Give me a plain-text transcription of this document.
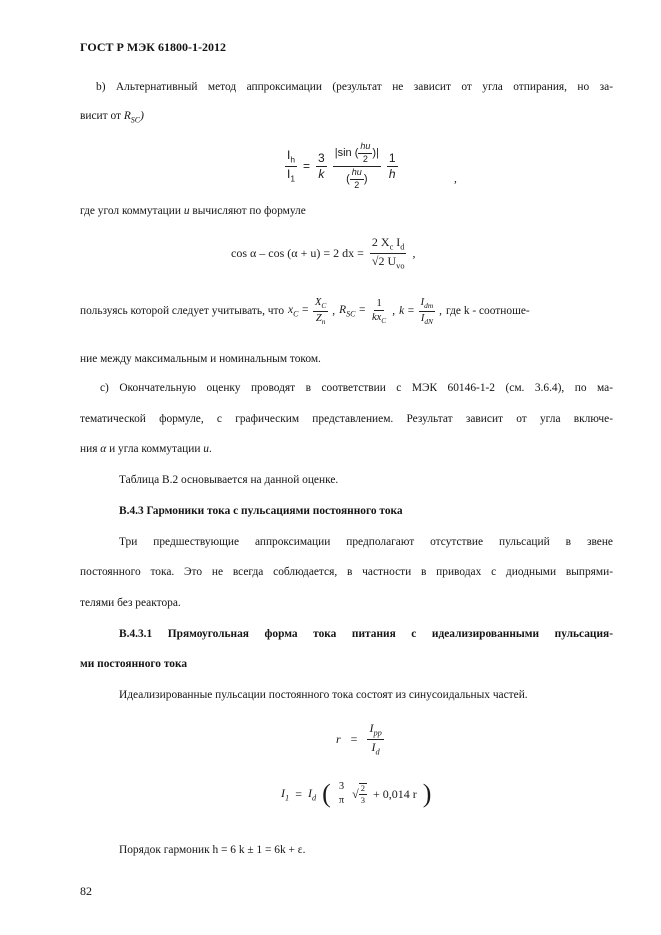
ГОСТ Р МЭК 61800-1-2012
b) Альтернативный метод аппроксимации (результат не зависит от угла отпирания, но за-
висит от $R_{SC}$)
$\frac{I_h}{I_1} = \frac{3}{k} \frac{|\sin ( \frac{hu}{2} )|}{( \frac{hu}{2} )} \frac{1}{h}$	,
где угол коммутации u вычисляют по формуле
cos α – cos (α + u) = 2 dx = $\frac{2 X_c I_d}{√2 U_{vo}}$ ,
пользуясь которой следует учитывать, что $x_C = \frac{X_C}{Z_n}$ , $R_{SC} = \frac{1}{kx_C}$ , $k = \frac{I_{dm}}{I_{dN}}$ , где k - соотноше-
ние между максимальным и номинальным током.
c) Окончательную оценку проводят в соответствии с МЭК 60146-1-2 (см. 3.6.4), по ма-
тематической формуле, с графическим представлением. Результат зависит от угла включе-
ния α и угла коммутации u.
Таблица В.2 основывается на данной оценке.
В.4.3 Гармоники тока с пульсациями постоянного тока
Три предшествующие аппроксимации предполагают отсутствие пульсаций в звене
постоянного тока. Это не всегда соблюдается, в частности в приводах с диодными выпрями-
телями без реактора.
В.4.3.1 Прямоугольная форма тока питания с идеализированными пульсация-
ми постоянного тока
Идеализированные пульсации постоянного тока состоят из синусоидальных частей.
$r = \frac{I_{pp}}{I_d}$
$I_1 = I_d$ ( 3
π √ $\frac{2}{3} + 0,014$ r )
Порядок гармоник h = 6 k ± 1 = 6k + ε.
82
